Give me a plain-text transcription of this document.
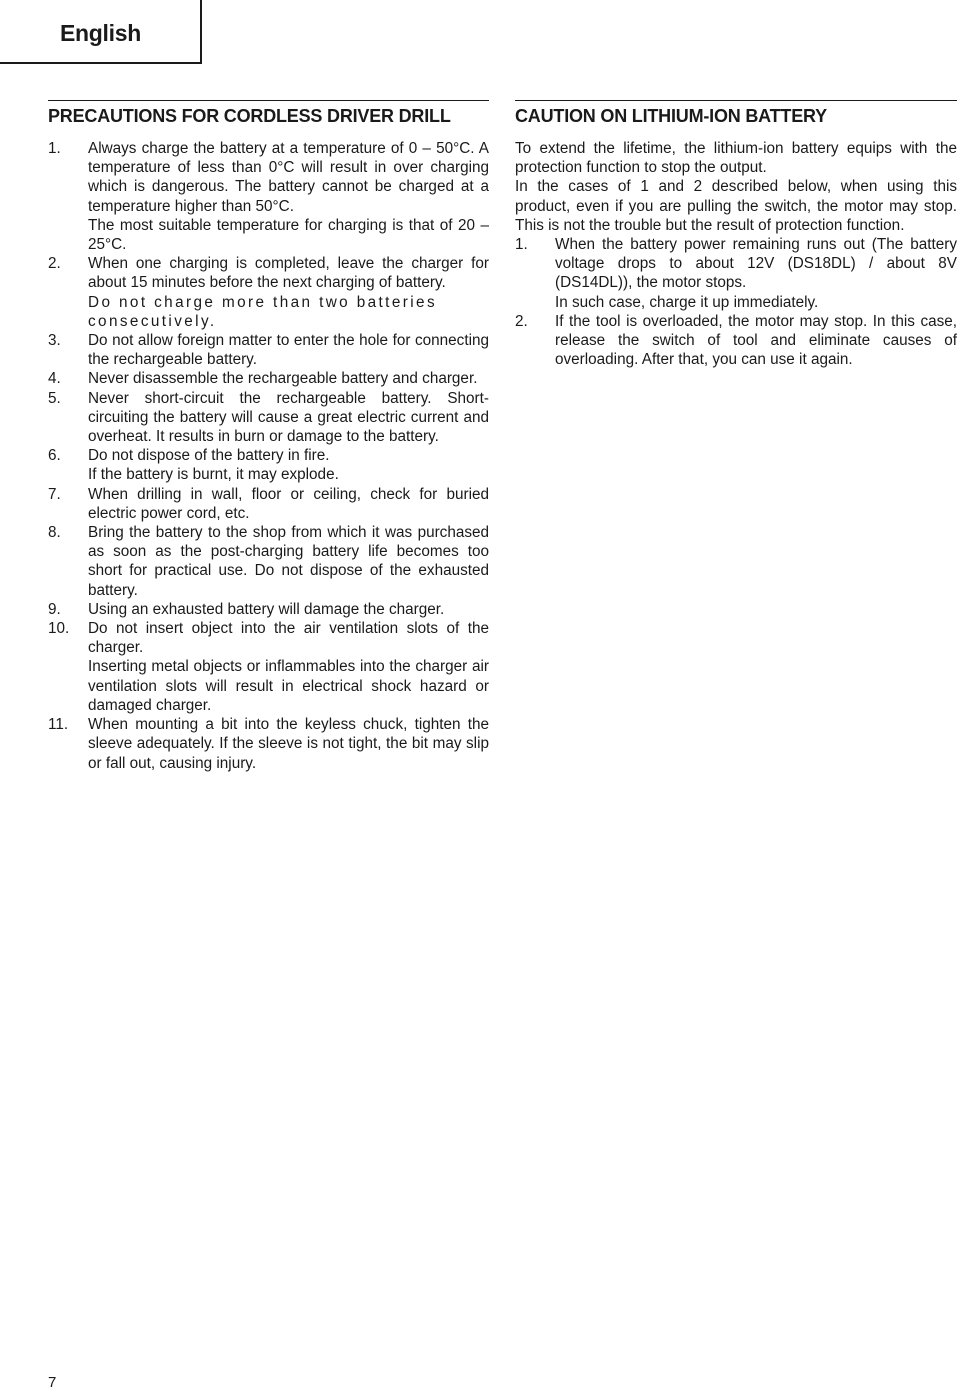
English
PRECAUTIONS FOR CORDLESS DRIVER DRILL
1. Always charge the battery at a temperature of 0 – 50°C. A temperature of less than 0°C will result in over charging which is dangerous. The battery cannot be charged at a temperature higher than 50°C.
The most suitable temperature for charging is that of 20 – 25°C.
2. When one charging is completed, leave the charger for about 15 minutes before the next charging of battery.
Do not charge more than two batteries consecutively.
3. Do not allow foreign matter to enter the hole for connecting the rechargeable battery.
4. Never disassemble the rechargeable battery and charger.
5. Never short-circuit the rechargeable battery. Short-circuiting the battery will cause a great electric current and overheat. It results in burn or damage to the battery.
6. Do not dispose of the battery in fire.
If the battery is burnt, it may explode.
7. When drilling in wall, floor or ceiling, check for buried electric power cord, etc.
8. Bring the battery to the shop from which it was purchased as soon as the post-charging battery life becomes too short for practical use. Do not dispose of the exhausted battery.
9. Using an exhausted battery will damage the charger.
10. Do not insert object into the air ventilation slots of the charger.
Inserting metal objects or inflammables into the charger air ventilation slots will result in electrical shock hazard or damaged charger.
11. When mounting a bit into the keyless chuck, tighten the sleeve adequately. If the sleeve is not tight, the bit may slip or fall out, causing injury.
CAUTION ON LITHIUM-ION BATTERY

To extend the lifetime, the lithium-ion battery equips with the protection function to stop the output.

In the cases of 1 and 2 described below, when using this product, even if you are pulling the switch, the motor may stop. This is not the trouble but the result of protection function.

1. When the battery power remaining runs out (The battery voltage drops to about 12V (DS18DL) / about 8V (DS14DL)), the motor stops.
In such case, charge it up immediately.
2. If the tool is overloaded, the motor may stop. In this case, release the switch of tool and eliminate causes of overloading. After that, you can use it again.
7
